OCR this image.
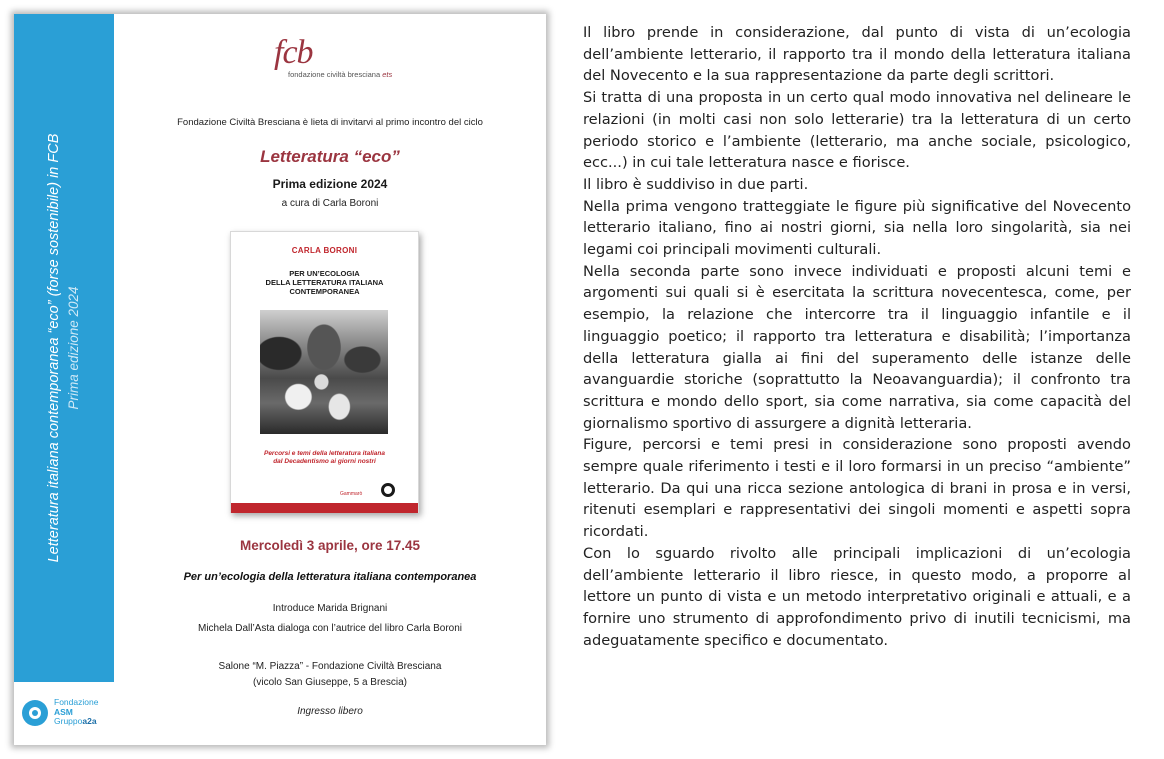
Letteratura italiana contemporanea “eco” (forse sostenibile) in FCB Prima edizione 2024
Fondazione
ASM
Gruppoa2a
fcb
fondazione civiltà bresciana ets
Fondazione Civiltà Bresciana è lieta di invitarvi al primo incontro del ciclo
Letteratura “eco”
Prima edizione 2024
a cura di Carla Boroni
CARLA BORONI
PER UN’ECOLOGIA
DELLA LETTERATURA ITALIANA
CONTEMPORANEA
Percorsi e temi della letteratura italiana
dal Decadentismo ai giorni nostri
Gammarò
Mercoledì 3 aprile, ore 17.45
Per un’ecologia della letteratura italiana contemporanea
Introduce Marida Brignani
Michela Dall’Asta dialoga con l’autrice del libro Carla Boroni
Salone “M. Piazza” - Fondazione Civiltà Bresciana
(vicolo San Giuseppe, 5 a Brescia)
Ingresso libero

Il libro prende in considerazione, dal punto di vista di un’ecologia dell’ambiente letterario, il rapporto tra il mondo della letteratura italiana del Novecento e la sua rappresentazione da parte degli scrittori.

Si tratta di una proposta in un certo qual modo innovativa nel delineare le relazioni (in molti casi non solo letterarie) tra la letteratura di un certo periodo storico e l’ambiente (letterario, ma anche sociale, psicologico, ecc...) in cui tale letteratura nasce e fiorisce.

Il libro è suddiviso in due parti.

Nella prima vengono tratteggiate le figure più significative del Novecento letterario italiano, fino ai nostri giorni, sia nella loro singolarità, sia nei legami coi principali movimenti culturali.

Nella seconda parte sono invece individuati e proposti alcuni temi e argomenti sui quali si è esercitata la scrittura novecentesca, come, per esempio, la relazione che intercorre tra il linguaggio infantile e il linguaggio poetico; il rapporto tra letteratura e disabilità; l’importanza della letteratura gialla ai fini del superamento delle istanze delle avanguardie storiche (soprattutto la Neoavanguardia); il confronto tra scrittura e mondo dello sport, sia come narrativa, sia come capacità del giornalismo sportivo di assurgere a dignità letteraria.

Figure, percorsi e temi presi in considerazione sono proposti avendo sempre quale riferimento i testi e il loro formarsi in un preciso “ambiente” letterario. Da qui una ricca sezione antologica di brani in prosa e in versi, ritenuti esemplari e rappresentativi dei singoli momenti e aspetti sopra ricordati.

Con lo sguardo rivolto alle principali implicazioni di un’ecologia dell’ambiente letterario il libro riesce, in questo modo, a proporre al lettore un punto di vista e un metodo interpretativo originali e attuali, e a fornire uno strumento di approfondimento privo di inutili tecnicismi, ma adeguatamente specifico e documentato.
